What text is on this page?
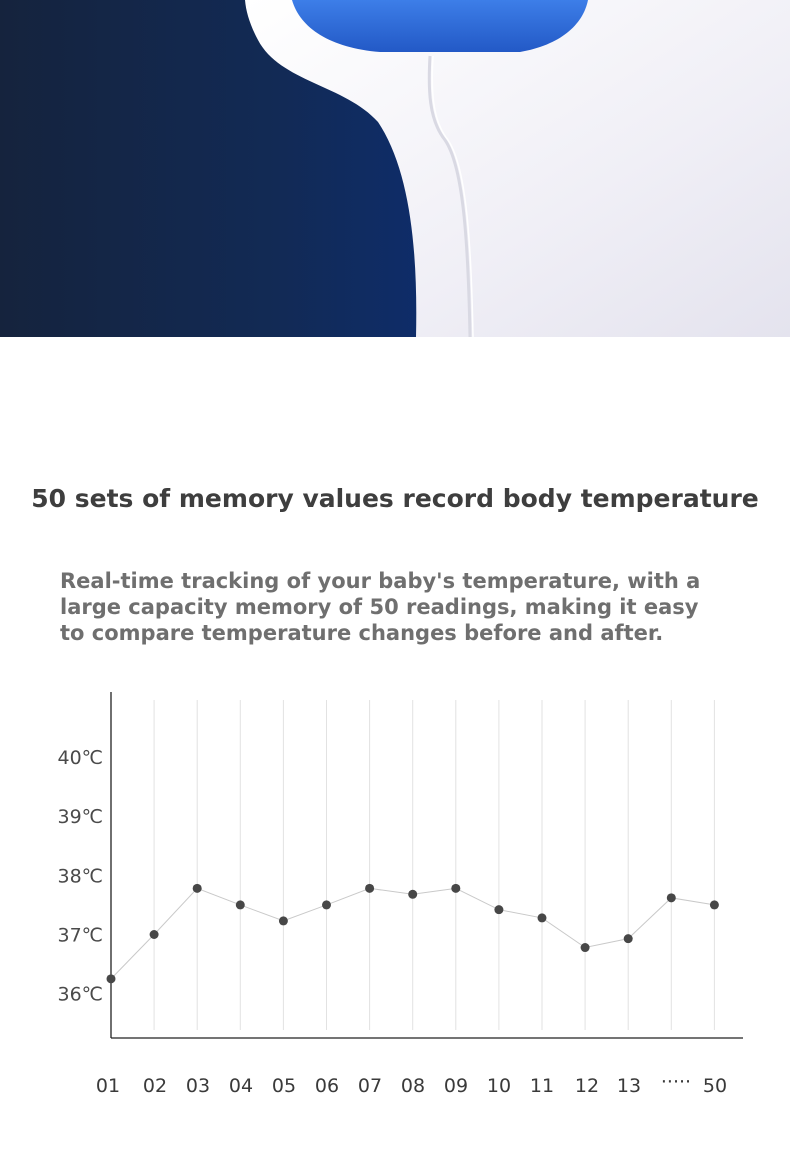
50 sets of memory values record body temperature
Real-time tracking of your baby's temperature, with a
large capacity memory of 50 readings, making it easy
to compare temperature changes before and after.
36℃
37℃
38℃
39℃
40℃
01 02 03 04 05 06 07 08 09 10 11 12 13 ····· 50
